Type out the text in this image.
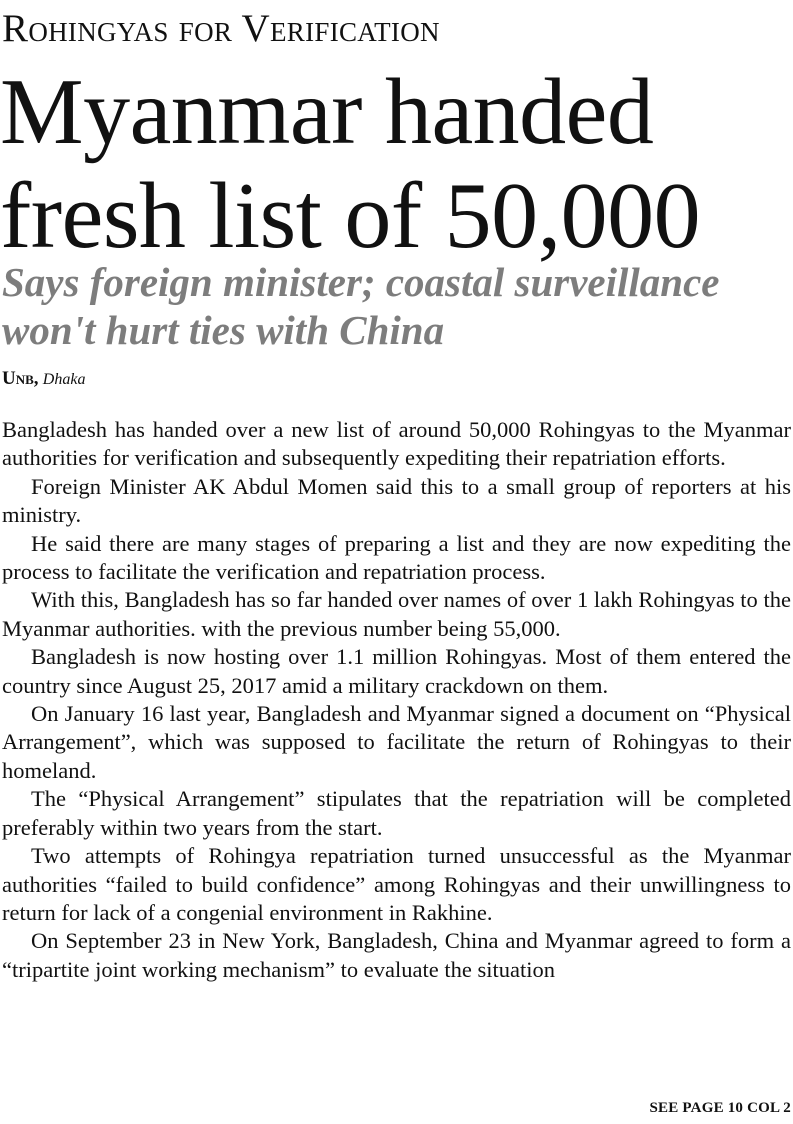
Rohingyas for Verification
Myanmar handed
fresh list of 50,000
Says foreign minister; coastal surveillance
won't hurt ties with China
Unb, Dhaka

Bangladesh has handed over a new list of around 50,000 Rohingyas to the Myanmar authorities for verification and subsequently expediting their repatriation efforts.

Foreign Minister AK Abdul Momen said this to a small group of reporters at his ministry.

He said there are many stages of preparing a list and they are now expediting the process to facilitate the verification and repatriation process.

With this, Bangladesh has so far handed over names of over 1 lakh Rohingyas to the Myanmar authorities. with the previous number being 55,000.

Bangladesh is now hosting over 1.1 million Rohingyas. Most of them entered the country since August 25, 2017 amid a military crackdown on them.

On January 16 last year, Bangladesh and Myanmar signed a document on “Physical Arrangement”, which was supposed to facilitate the return of Rohingyas to their homeland.

The “Physical Arrangement” stipulates that the repatriation will be completed preferably within two years from the start.

Two attempts of Rohingya repatriation turned unsuccessful as the Myanmar authorities “failed to build confidence” among Rohingyas and their unwillingness to return for lack of a congenial environment in Rakhine.

On September 23 in New York, Bangladesh, China and Myanmar agreed to form a “tripartite joint working mechanism” to evaluate the situation

SEE PAGE 10 COL 2
